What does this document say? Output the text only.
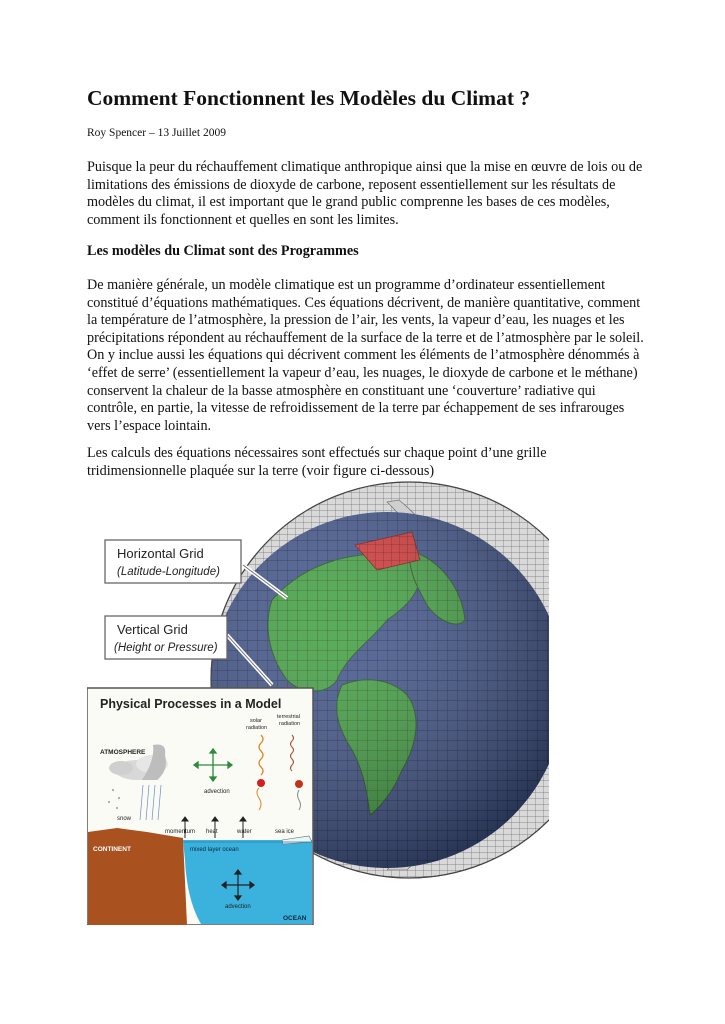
Comment Fonctionnent les Modèles du Climat ?

Roy Spencer – 13 Juillet 2009

Puisque la peur du réchauffement climatique anthropique ainsi que la mise en œuvre de lois ou de limitations des émissions de dioxyde de carbone, reposent essentiellement sur les résultats de modèles du climat, il est important que le grand public comprenne les bases de ces modèles, comment ils fonctionnent et quelles en sont les limites.

Les modèles du Climat sont des Programmes

De manière générale, un modèle climatique est un programme d’ordinateur essentiellement constitué d’équations mathématiques. Ces équations décrivent, de manière quantitative, comment la température de l’atmosphère, la pression de l’air, les vents, la vapeur d’eau, les nuages et les précipitations répondent au réchauffement de la surface de la terre et de l’atmosphère par le soleil. On y inclue aussi les équations qui décrivent comment les éléments de l’atmosphère dénommés à ‘effet de serre’ (essentiellement la vapeur d’eau, les nuages, le dioxyde de carbone et le méthane) conservent la chaleur de la basse atmosphère en constituant une ‘couverture’ radiative qui contrôle, en partie, la vitesse de refroidissement de la terre par échappement de ses infrarouges vers l’espace lointain.

Les calculs des équations nécessaires sont effectués sur chaque point d’une grille tridimensionnelle plaquée sur la terre (voir figure ci-dessous)

Horizontal Grid
(Latitude-Longitude)
Vertical Grid
(Height or Pressure)
Physical Processes in a Model
ATMOSPHERE
snow
advection
solar
radiation
terrestrial
radiation
momentum heat	water	sea ice
CONTINENT	mixed layer ocean
advection
OCEAN
